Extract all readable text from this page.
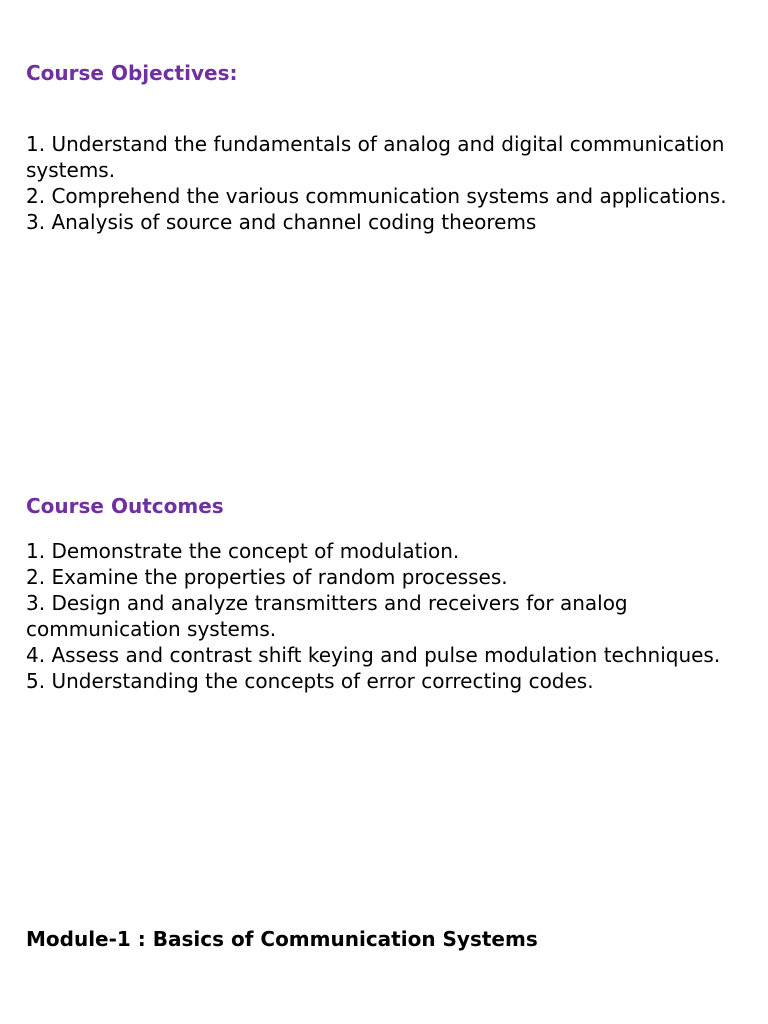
Course Objectives:
1. Understand the fundamentals of analog and digital communication systems.
2. Comprehend the various communication systems and applications.
3. Analysis of source and channel coding theorems
Course Outcomes
1. Demonstrate the concept of modulation.
2. Examine the properties of random processes.
3. Design and analyze transmitters and receivers for analog communication systems.
4. Assess and contrast shift keying and pulse modulation techniques.
5. Understanding the concepts of error correcting codes.
Module-1 : Basics of Communication Systems
